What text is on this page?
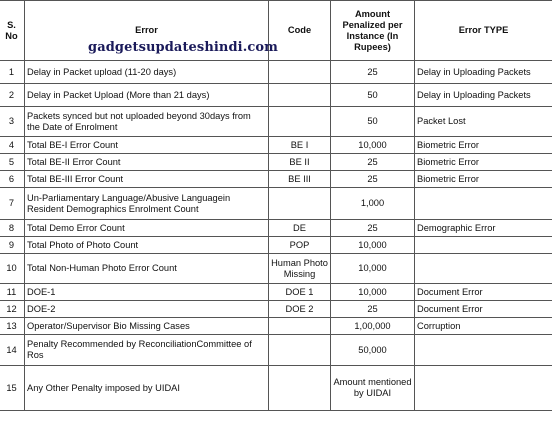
S. No	Error	Code	Amount Penalized per Instance (In Rupees)	Error TYPE
1	Delay in Packet upload (11-20 days)		25	Delay in Uploading Packets
2	Delay in Packet Upload (More than 21 days)		50	Delay in Uploading Packets
3	Packets synced but not uploaded beyond 30days from the Date of Enrolment		50	Packet Lost
4	Total BE-I Error Count	BE I	10,000	Biometric Error
5	Total BE-II Error Count	BE II	25	Biometric Error
6	Total BE-III Error Count	BE III	25	Biometric Error
7	Un-Parliamentary Language/Abusive Languagein Resident Demographics Enrolment Count		1,000	
8	Total Demo Error Count	DE	25	Demographic Error
9	Total Photo of Photo Count	POP	10,000	
10	Total Non-Human Photo Error Count	Human Photo Missing	10,000	
11	DOE-1	DOE 1	10,000	Document Error
12	DOE-2	DOE 2	25	Document Error
13	Operator/Supervisor Bio Missing Cases		1,00,000	Corruption
14	Penalty Recommended by ReconciliationCommittee of Ros		50,000	
15	Any Other Penalty imposed by UIDAI		Amount mentioned by UIDAI	
gadgetsupdateshindi.com
